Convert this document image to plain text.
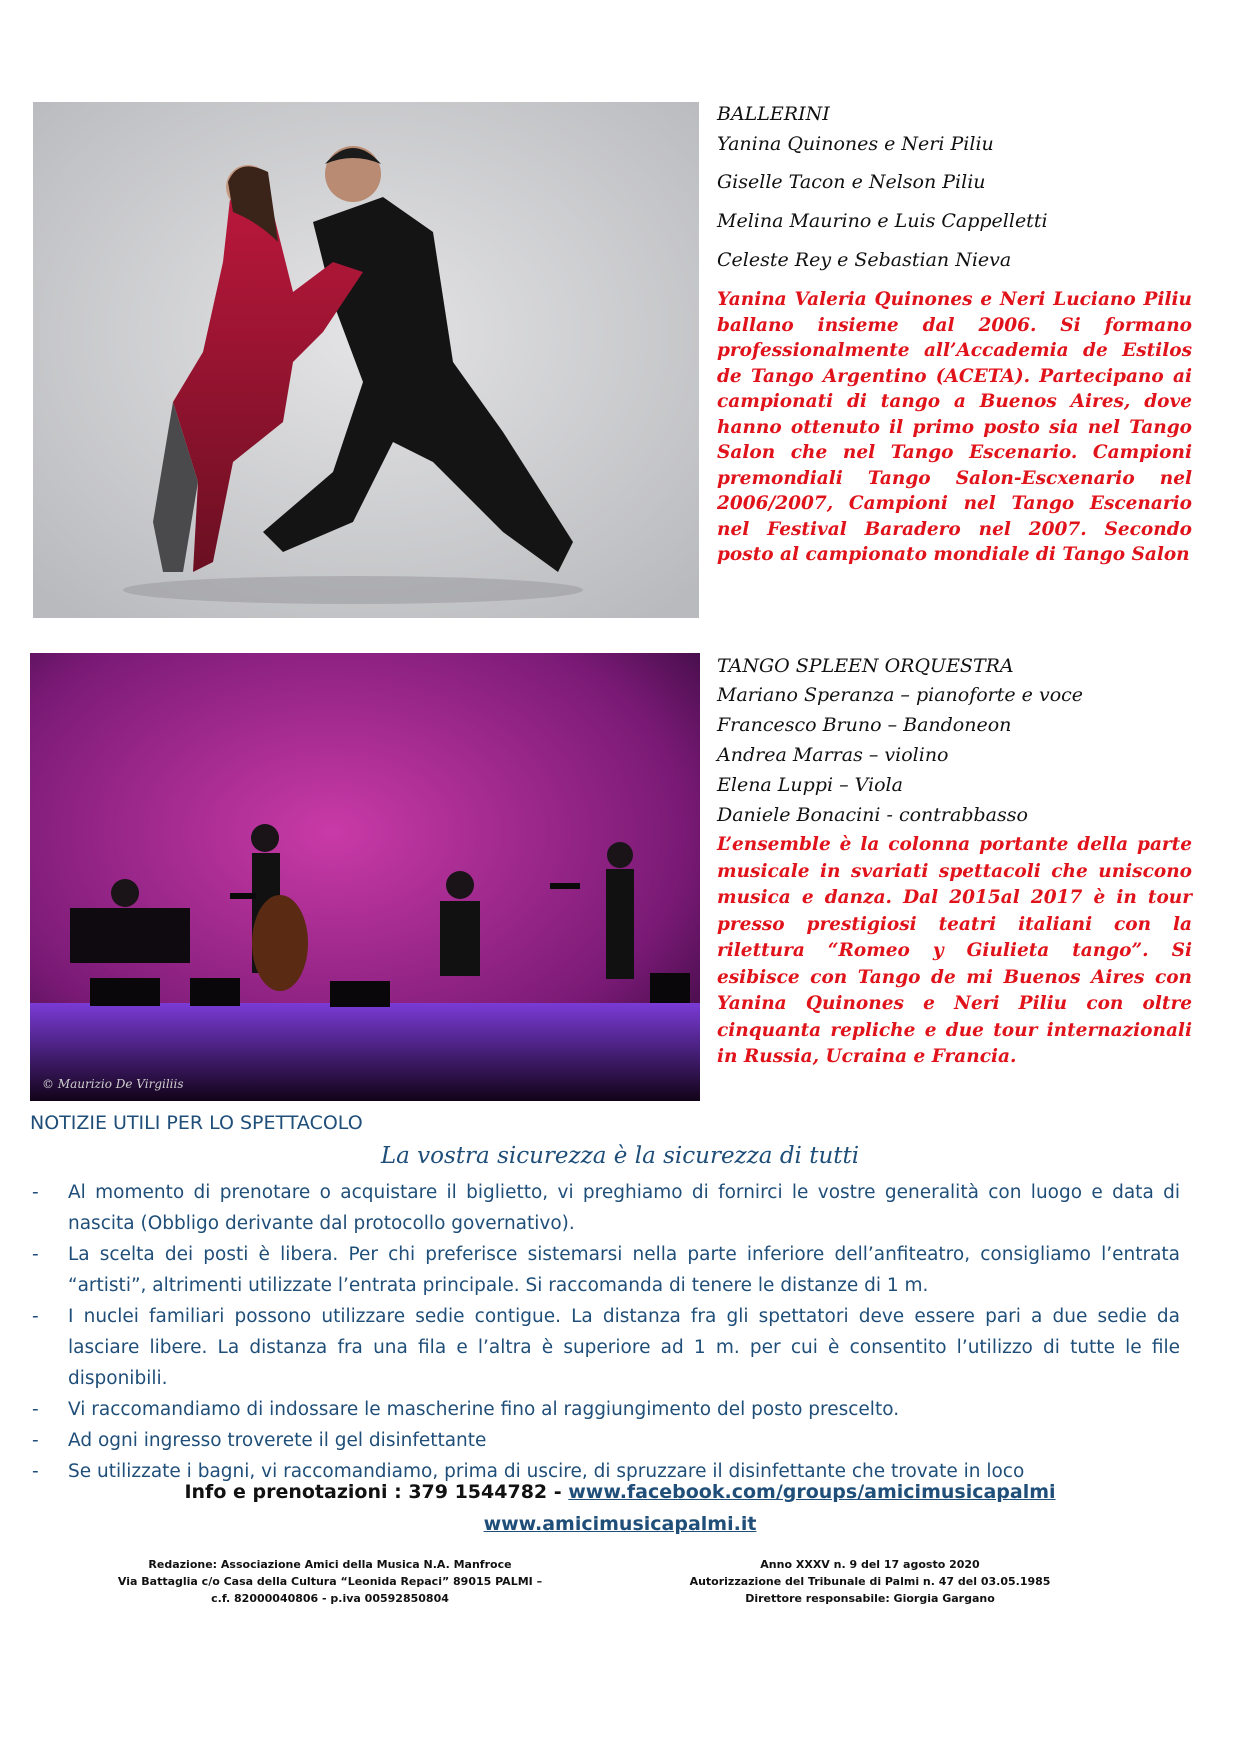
BALLERINI
Yanina Quinones e Neri Piliu
Giselle Tacon e Nelson Piliu
Melina Maurino e Luis Cappelletti
Celeste Rey e Sebastian Nieva
Yanina Valeria Quinones e Neri Luciano Piliu ballano insieme dal 2006. Si formano professionalmente all’Accademia de Estilos de Tango Argentino (ACETA). Partecipano ai campionati di tango a Buenos Aires, dove hanno ottenuto il primo posto sia nel Tango Salon che nel Tango Escenario. Campioni premondiali Tango Salon-Escxenario nel 2006/2007, Campioni nel Tango Escenario nel Festival Baradero nel 2007. Secondo posto al campionato mondiale di Tango Salon
© Maurizio De Virgiliis
TANGO SPLEEN ORQUESTRA
Mariano Speranza – pianoforte e voce
Francesco Bruno – Bandoneon
Andrea Marras – violino
Elena Luppi – Viola
Daniele Bonacini - contrabbasso
L’ensemble è la colonna portante della parte musicale in svariati spettacoli che uniscono musica e danza. Dal 2015al 2017 è in tour presso prestigiosi teatri italiani con la rilettura “Romeo y Giulieta tango”. Si esibisce con Tango de mi Buenos Aires con Yanina Quinones e Neri Piliu con oltre cinquanta repliche e due tour internazionali in Russia, Ucraina e Francia.
NOTIZIE UTILI PER LO SPETTACOLO
La vostra sicurezza è la sicurezza di tutti
- Al momento di prenotare o acquistare il biglietto, vi preghiamo di fornirci le vostre generalità con luogo e data di nascita (Obbligo derivante dal protocollo governativo).
- La scelta dei posti è libera. Per chi preferisce sistemarsi nella parte inferiore dell’anfiteatro, consigliamo l’entrata “artisti”, altrimenti utilizzate l’entrata principale. Si raccomanda di tenere le distanze di 1 m.
- I nuclei familiari possono utilizzare sedie contigue. La distanza fra gli spettatori deve essere pari a due sedie da lasciare libere. La distanza fra una fila e l’altra è superiore ad 1 m. per cui è consentito l’utilizzo di tutte le file disponibili.
- Vi raccomandiamo di indossare le mascherine fino al raggiungimento del posto prescelto.
- Ad ogni ingresso troverete il gel disinfettante
- Se utilizzate i bagni, vi raccomandiamo, prima di uscire, di spruzzare il disinfettante che trovate in loco
Info e prenotazioni : 379 1544782 - www.facebook.com/groups/amicimusicapalmi
www.amicimusicapalmi.it
Redazione: Associazione Amici della Musica N.A. Manfroce
Via Battaglia c/o Casa della Cultura “Leonida Repaci” 89015 PALMI –
c.f. 82000040806 - p.iva 00592850804
Anno XXXV n. 9 del 17 agosto 2020
Autorizzazione del Tribunale di Palmi n. 47 del 03.05.1985
Direttore responsabile: Giorgia Gargano
